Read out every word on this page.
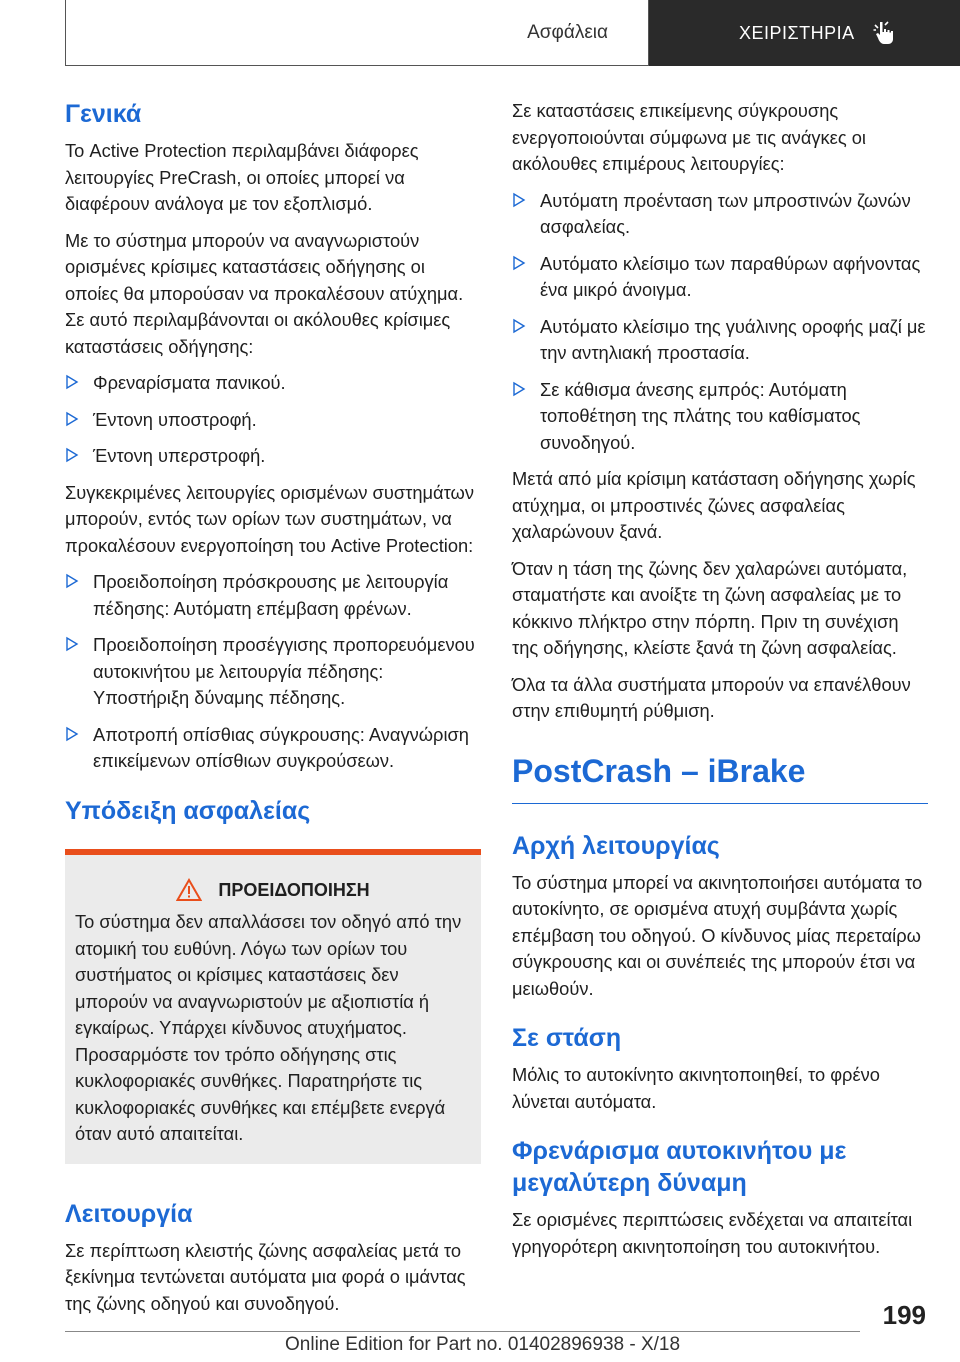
Ασφάλεια	ΧΕΙΡΙΣΤΗΡΙΑ
Γενικά

Το Active Protection περιλαμβάνει διάφορες λειτουργίες PreCrash, οι οποίες μπορεί να διαφέρουν ανάλογα με τον εξοπλισμό.

Με το σύστημα μπορούν να αναγνωριστούν ορισμένες κρίσιμες καταστάσεις οδήγησης οι οποίες θα μπορούσαν να προκαλέσουν ατύχημα. Σε αυτό περιλαμβάνονται οι ακόλουθες κρίσιμες καταστάσεις οδήγησης:

Φρεναρίσματα πανικού.
Έντονη υποστροφή.
Έντονη υπερστροφή.

Συγκεκριμένες λειτουργίες ορισμένων συστημάτων μπορούν, εντός των ορίων των συστημάτων, να προκαλέσουν ενεργοποίηση του Active Protection:

Προειδοποίηση πρόσκρουσης με λειτουργία πέδησης: Αυτόματη επέμβαση φρένων.
Προειδοποίηση προσέγγισης προπορευόμενου αυτοκινήτου με λειτουργία πέδησης: Υποστήριξη δύναμης πέδησης.
Αποτροπή οπίσθιας σύγκρουσης: Αναγνώριση επικείμενων οπίσθιων συγκρούσεων.
Υπόδειξη ασφαλείας
ΠΡΟΕΙΔΟΠΟΙΗΣΗ
Το σύστημα δεν απαλλάσσει τον οδηγό από την ατομική του ευθύνη. Λόγω των ορίων του συστήματος οι κρίσιμες καταστάσεις δεν μπορούν να αναγνωριστούν με αξιοπιστία ή εγκαίρως. Υπάρχει κίνδυνος ατυχήματος. Προσαρμόστε τον τρόπο οδήγησης στις κυκλοφοριακές συνθήκες. Παρατηρήστε τις κυκλοφοριακές συνθήκες και επέμβετε ενεργά όταν αυτό απαιτείται.
Λειτουργία

Σε περίπτωση κλειστής ζώνης ασφαλείας μετά το ξεκίνημα τεντώνεται αυτόματα μια φορά ο ιμάντας της ζώνης οδηγού και συνοδηγού.

Σε καταστάσεις επικείμενης σύγκρουσης ενεργοποιούνται σύμφωνα με τις ανάγκες οι ακόλουθες επιμέρους λειτουργίες:

Αυτόματη προένταση των μπροστινών ζωνών ασφαλείας.
Αυτόματο κλείσιμο των παραθύρων αφήνοντας ένα μικρό άνοιγμα.
Αυτόματο κλείσιμο της γυάλινης οροφής μαζί με την αντηλιακή προστασία.
Σε κάθισμα άνεσης εμπρός: Αυτόματη τοποθέτηση της πλάτης του καθίσματος συνοδηγού.

Μετά από μία κρίσιμη κατάσταση οδήγησης χωρίς ατύχημα, οι μπροστινές ζώνες ασφαλείας χαλαρώνουν ξανά.

Όταν η τάση της ζώνης δεν χαλαρώνει αυτόματα, σταματήστε και ανοίξτε τη ζώνη ασφαλείας με το κόκκινο πλήκτρο στην πόρπη. Πριν τη συνέχιση της οδήγησης, κλείστε ξανά τη ζώνη ασφαλείας.

Όλα τα άλλα συστήματα μπορούν να επανέλθουν στην επιθυμητή ρύθμιση.

PostCrash – iBrake
Αρχή λειτουργίας

Το σύστημα μπορεί να ακινητοποιήσει αυτόματα το αυτοκίνητο, σε ορισμένα ατυχή συμβάντα χωρίς επέμβαση του οδηγού. Ο κίνδυνος μίας περεταίρω σύγκρουσης και οι συνέπειές της μπορούν έτσι να μειωθούν.

Σε στάση

Μόλις το αυτοκίνητο ακινητοποιηθεί, το φρένο λύνεται αυτόματα.

Φρενάρισμα αυτοκινήτου με μεγαλύτερη δύναμη

Σε ορισμένες περιπτώσεις ενδέχεται να απαιτείται γρηγορότερη ακινητοποίηση του αυτοκινήτου.

199
Online Edition for Part no. 01402896938 - X/18
